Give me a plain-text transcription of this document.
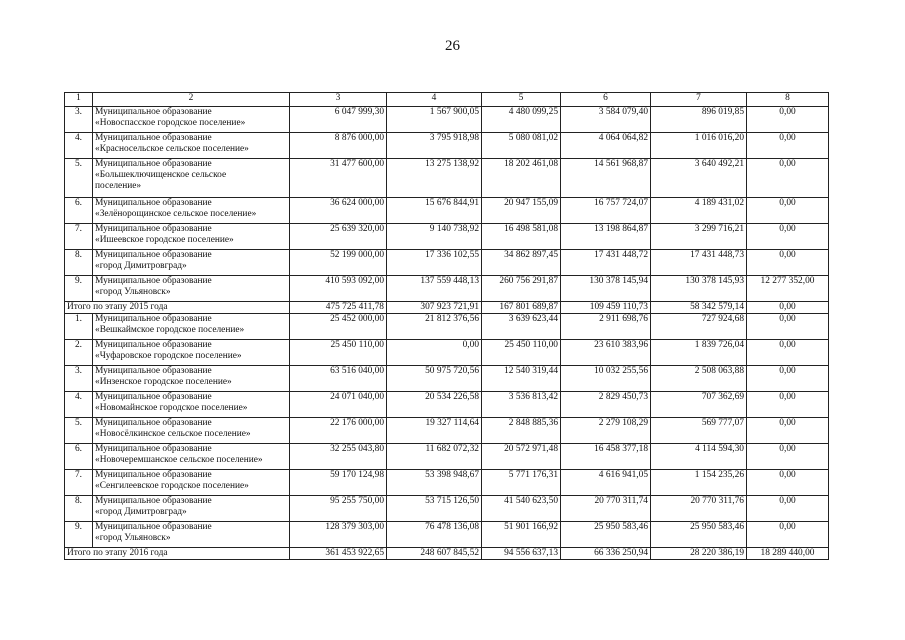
26
1	2	3	4	5	6	7	8
3.	Муниципальное образование
«Новоспасское городское поселение»	6 047 999,30	1 567 900,05	4 480 099,25	3 584 079,40	896 019,85	0,00
4.	Муниципальное образование
«Красносельское сельское поселение»	8 876 000,00	3 795 918,98	5 080 081,02	4 064 064,82	1 016 016,20	0,00
5.	Муниципальное образование
«Большеключищенское сельское
поселение»	31 477 600,00	13 275 138,92	18 202 461,08	14 561 968,87	3 640 492,21	0,00
6.	Муниципальное образование
«Зелёнорощинское сельское поселение»	36 624 000,00	15 676 844,91	20 947 155,09	16 757 724,07	4 189 431,02	0,00
7.	Муниципальное образование
«Ишеевское городское поселение»	25 639 320,00	9 140 738,92	16 498 581,08	13 198 864,87	3 299 716,21	0,00
8.	Муниципальное образование
«город Димитровград»	52 199 000,00	17 336 102,55	34 862 897,45	17 431 448,72	17 431 448,73	0,00
9.	Муниципальное образование
«город Ульяновск»	410 593 092,00	137 559 448,13	260 756 291,87	130 378 145,94	130 378 145,93	12 277 352,00
Итого по этапу 2015 года		475 725 411,78	307 923 721,91	167 801 689,87	109 459 110,73	58 342 579,14	0,00
1.	Муниципальное образование
«Вешкаймское городское поселение»	25 452 000,00	21 812 376,56	3 639 623,44	2 911 698,76	727 924,68	0,00
2.	Муниципальное образование
«Чуфаровское городское поселение»	25 450 110,00	0,00	25 450 110,00	23 610 383,96	1 839 726,04	0,00
3.	Муниципальное образование
«Инзенское городское поселение»	63 516 040,00	50 975 720,56	12 540 319,44	10 032 255,56	2 508 063,88	0,00
4.	Муниципальное образование
«Новомайнское городское поселение»	24 071 040,00	20 534 226,58	3 536 813,42	2 829 450,73	707 362,69	0,00
5.	Муниципальное образование
«Новосёлкинское сельское поселение»	22 176 000,00	19 327 114,64	2 848 885,36	2 279 108,29	569 777,07	0,00
6.	Муниципальное образование
«Новочеремшанское сельское поселение»	32 255 043,80	11 682 072,32	20 572 971,48	16 458 377,18	4 114 594,30	0,00
7.	Муниципальное образование
«Сенгилеевское городское поселение»	59 170 124,98	53 398 948,67	5 771 176,31	4 616 941,05	1 154 235,26	0,00
8.	Муниципальное образование
«город Димитровград»	95 255 750,00	53 715 126,50	41 540 623,50	20 770 311,74	20 770 311,76	0,00
9.	Муниципальное образование
«город Ульяновск»	128 379 303,00	76 478 136,08	51 901 166,92	25 950 583,46	25 950 583,46	0,00
Итого по этапу 2016 года		361 453 922,65	248 607 845,52	94 556 637,13	66 336 250,94	28 220 386,19	18 289 440,00
